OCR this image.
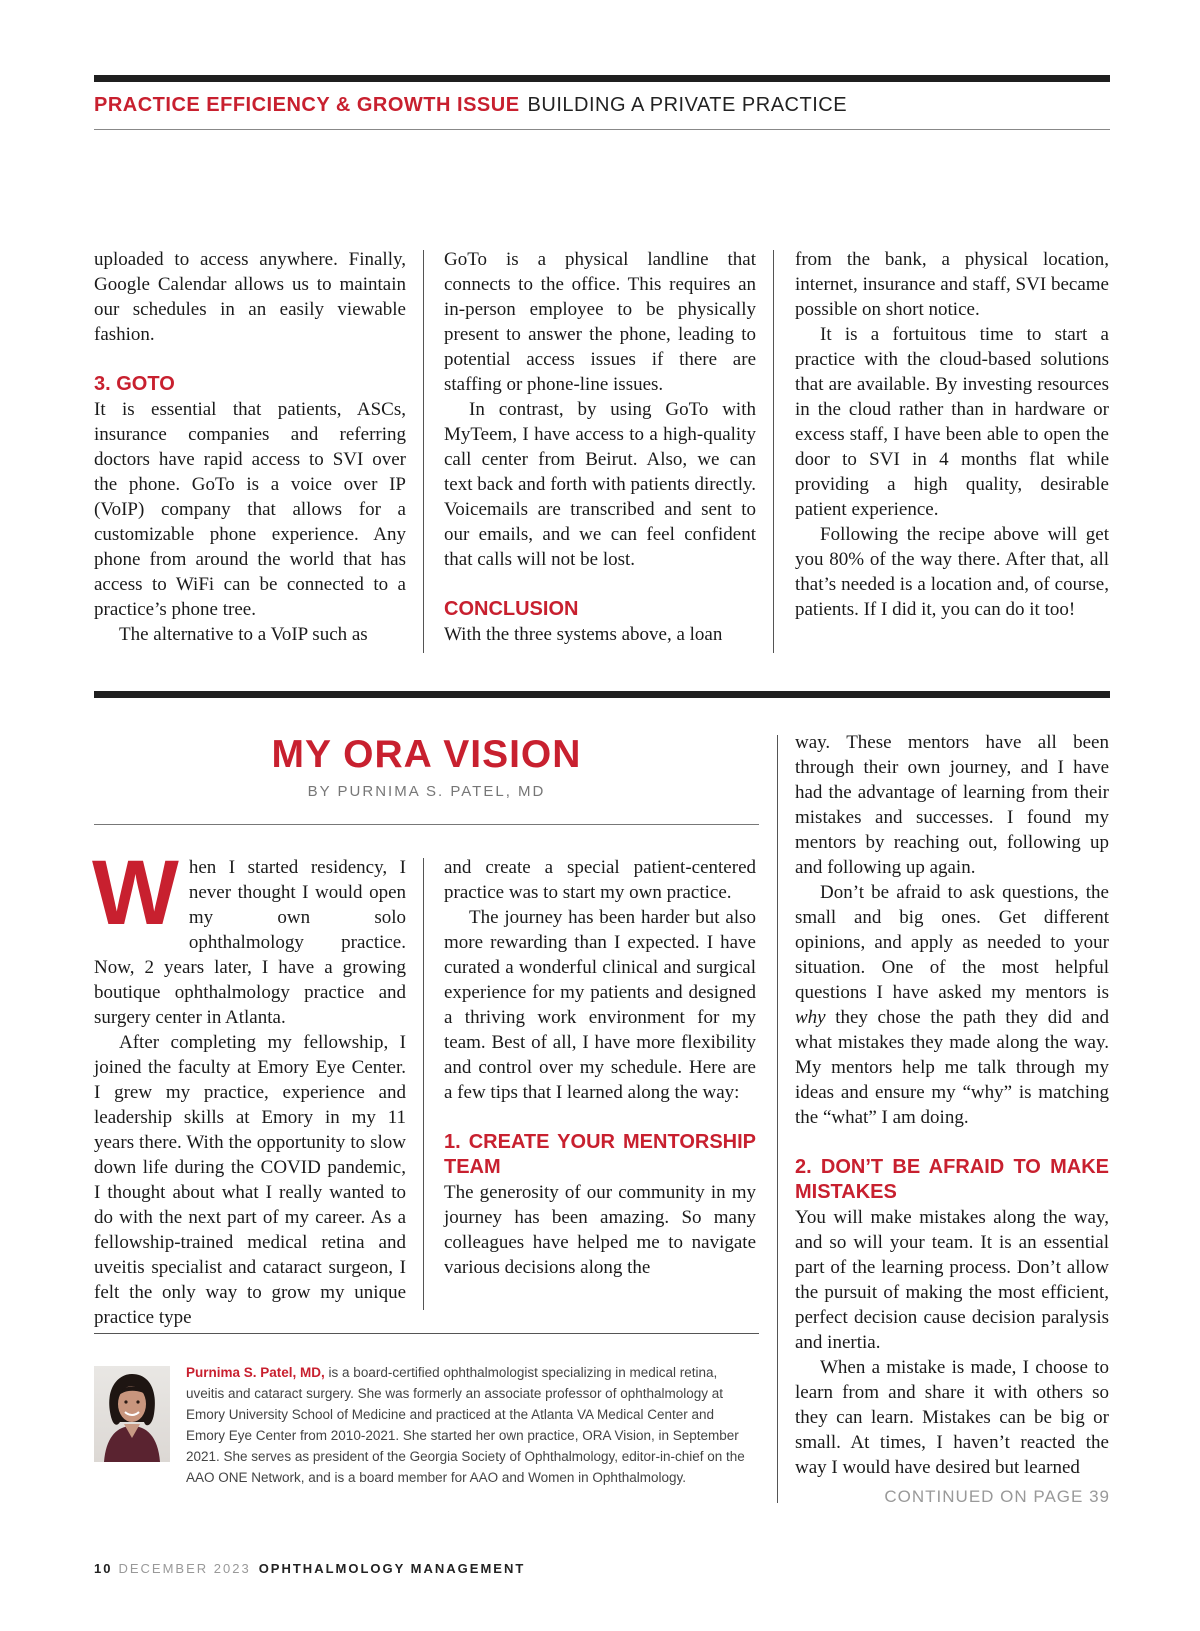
PRACTICE EFFICIENCY & GROWTH ISSUE BUILDING A PRIVATE PRACTICE

uploaded to access anywhere. Finally, Google Calendar allows us to maintain our schedules in an easily viewable fashion.

3. GOTO

It is essential that patients, ASCs, insurance companies and referring doctors have rapid access to SVI over the phone. GoTo is a voice over IP (VoIP) company that allows for a customizable phone experience. Any phone from around the world that has access to WiFi can be connected to a practice’s phone tree.

The alternative to a VoIP such as

GoTo is a physical landline that connects to the office. This requires an in-person employee to be physically present to answer the phone, leading to potential access issues if there are staffing or phone-line issues.

In contrast, by using GoTo with MyTeem, I have access to a high-quality call center from Beirut. Also, we can text back and forth with patients directly. Voicemails are transcribed and sent to our emails, and we can feel confident that calls will not be lost.

CONCLUSION

With the three systems above, a loan

from the bank, a physical location, internet, insurance and staff, SVI became possible on short notice.

It is a fortuitous time to start a practice with the cloud-based solutions that are available. By investing resources in the cloud rather than in hardware or excess staff, I have been able to open the door to SVI in 4 months flat while providing a high quality, desirable patient experience.

Following the recipe above will get you 80% of the way there. After that, all that’s needed is a location and, of course, patients. If I did it, you can do it too!

MY ORA VISION
BY PURNIMA S. PATEL, MD

When I started residency, I never thought I would open my own solo ophthalmology practice. Now, 2 years later, I have a growing boutique ophthalmology practice and surgery center in Atlanta.

After completing my fellowship, I joined the faculty at Emory Eye Center. I grew my practice, experience and leadership skills at Emory in my 11 years there. With the opportunity to slow down life during the COVID pandemic, I thought about what I really wanted to do with the next part of my career. As a fellowship-trained medical retina and uveitis specialist and cataract surgeon, I felt the only way to grow my unique practice type

and create a special patient-centered practice was to start my own practice.

The journey has been harder but also more rewarding than I expected. I have curated a wonderful clinical and surgical experience for my patients and designed a thriving work environment for my team. Best of all, I have more flexibility and control over my schedule. Here are a few tips that I learned along the way:

1. CREATE YOUR MENTORSHIP TEAM

The generosity of our community in my journey has been amazing. So many colleagues have helped me to navigate various decisions along the

way. These mentors have all been through their own journey, and I have had the advantage of learning from their mistakes and successes. I found my mentors by reaching out, following up and following up again.

Don’t be afraid to ask questions, the small and big ones. Get different opinions, and apply as needed to your situation. One of the most helpful questions I have asked my mentors is why they chose the path they did and what mistakes they made along the way. My mentors help me talk through my ideas and ensure my “why” is matching the “what” I am doing.

2. DON’T BE AFRAID TO MAKE MISTAKES

You will make mistakes along the way, and so will your team. It is an essential part of the learning process. Don’t allow the pursuit of making the most efficient, perfect decision cause decision paralysis and inertia.

When a mistake is made, I choose to learn from and share it with others so they can learn. Mistakes can be big or small. At times, I haven’t reacted the way I would have desired but learned

Purnima S. Patel, MD, is a board-certified ophthalmologist specializing in medical retina, uveitis and cataract surgery. She was formerly an associate professor of ophthalmology at Emory University School of Medicine and practiced at the Atlanta VA Medical Center and Emory Eye Center from 2010-2021. She started her own practice, ORA Vision, in September 2021. She serves as president of the Georgia Society of Ophthalmology, editor-in-chief on the AAO ONE Network, and is a board member for AAO and Women in Ophthalmology.
CONTINUED ON PAGE 39
10 DECEMBER 2023 OPHTHALMOLOGY MANAGEMENT
